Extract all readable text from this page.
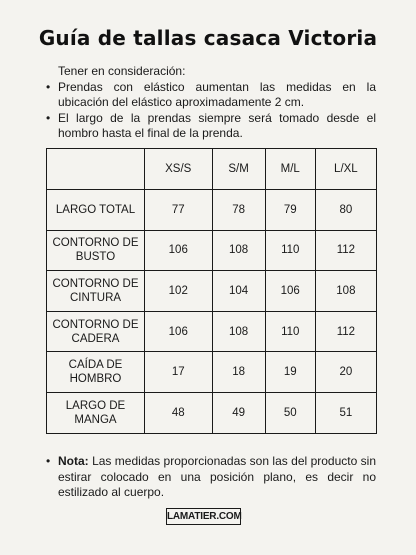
Guía de tallas casaca Victoria
Tener en consideración:
• Prendas con elástico aumentan las medidas en la ubicación del elástico aproximadamente 2 cm.
• El largo de la prendas siempre será tomado desde el hombro hasta el final de la prenda.
	XS/S	S/M	M/L	L/XL
LARGO TOTAL	77	78	79	80
CONTORNO DE BUSTO	106	108	110	112
CONTORNO DE CINTURA	102	104	106	108
CONTORNO DE CADERA	106	108	110	112
CAÍDA DE HOMBRO	17	18	19	20
LARGO DE MANGA	48	49	50	51
• Nota: Las medidas proporcionadas son las del producto sin estirar colocado en una posición plano, es decir no estilizado al cuerpo.
LAMATIER.COM
